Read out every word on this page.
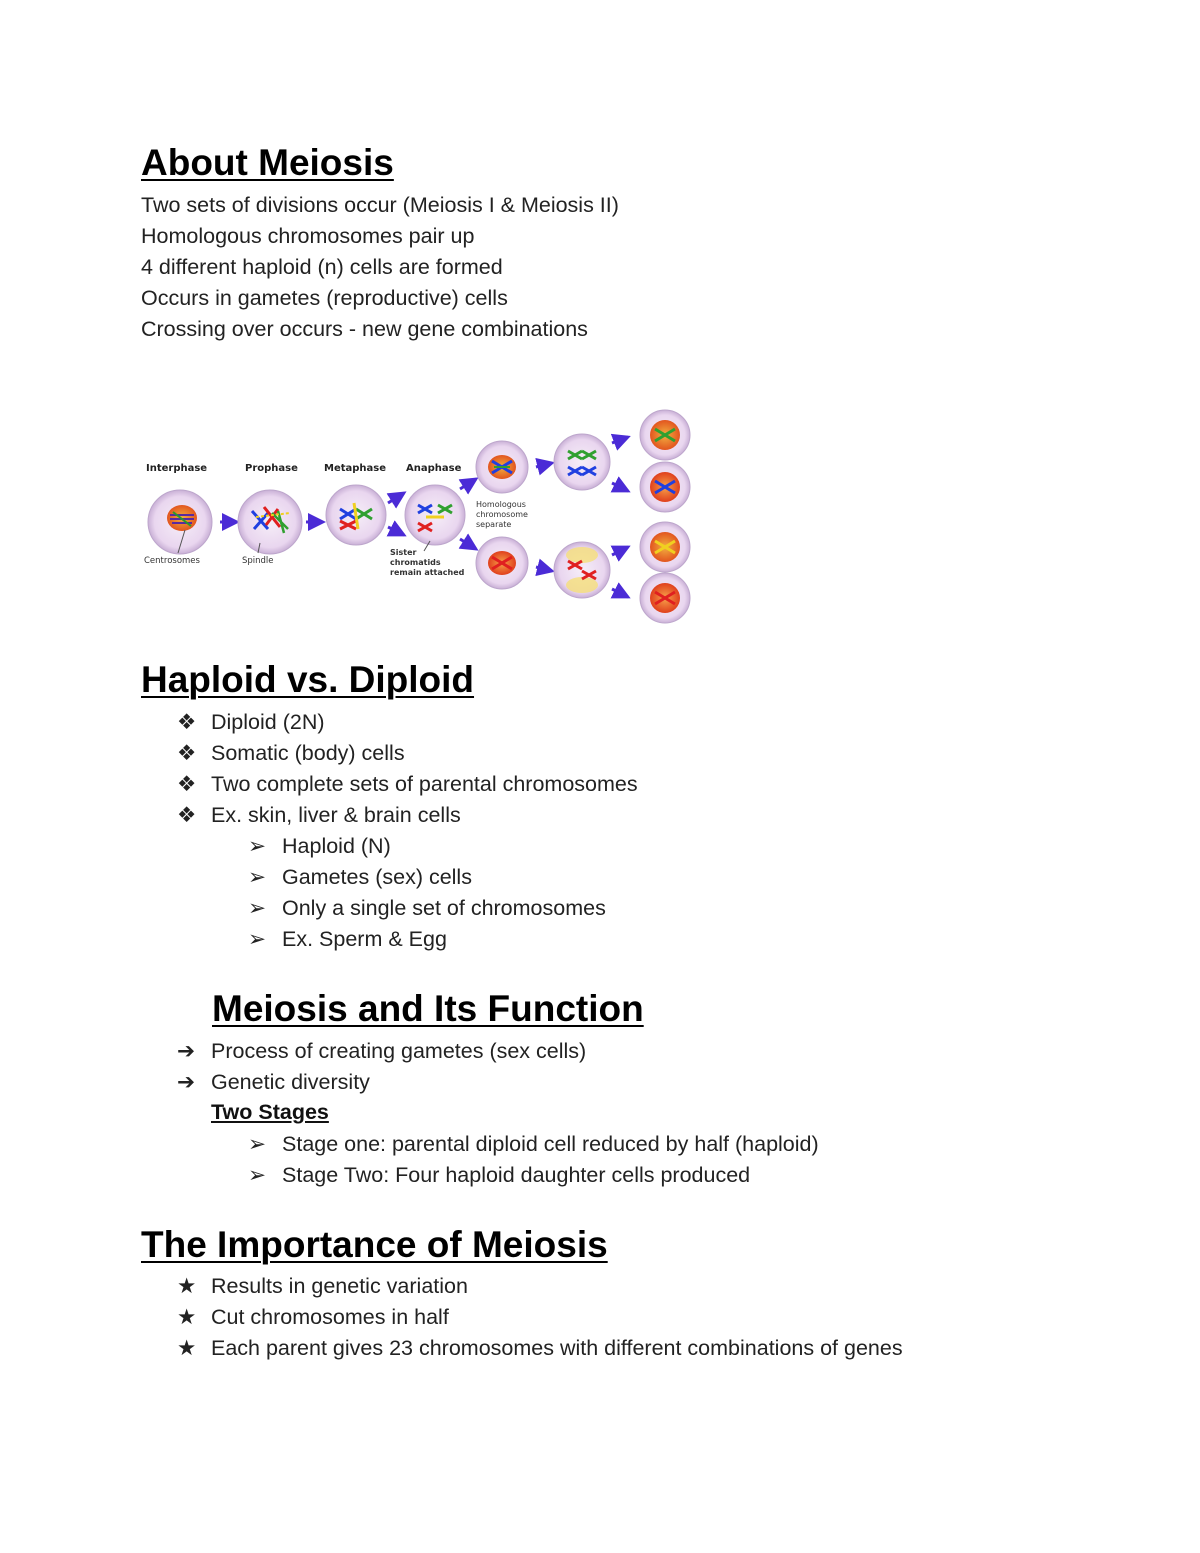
About Meiosis
Two sets of divisions occur (Meiosis I & Meiosis II)
Homologous chromosomes pair up
4 different haploid (n) cells are formed
Occurs in gametes (reproductive) cells
Crossing over occurs - new gene combinations
Interphase	Prophase	Metaphase Anaphase
Centrosomes	Spindle
Homologous
chromosome
separate
Sister
chromatids
remain attached
Haploid vs. Diploid
❖ Diploid (2N)
❖ Somatic (body) cells
❖ Two complete sets of parental chromosomes
❖ Ex. skin, liver & brain cells
➢ Haploid (N)
➢ Gametes (sex) cells
➢ Only a single set of chromosomes
➢ Ex. Sperm & Egg
Meiosis and Its Function
➔ Process of creating gametes (sex cells)
➔ Genetic diversity
Two Stages
➢ Stage one: parental diploid cell reduced by half (haploid)
➢ Stage Two: Four haploid daughter cells produced
The Importance of Meiosis
★ Results in genetic variation
★ Cut chromosomes in half
★ Each parent gives 23 chromosomes with different combinations of genes
